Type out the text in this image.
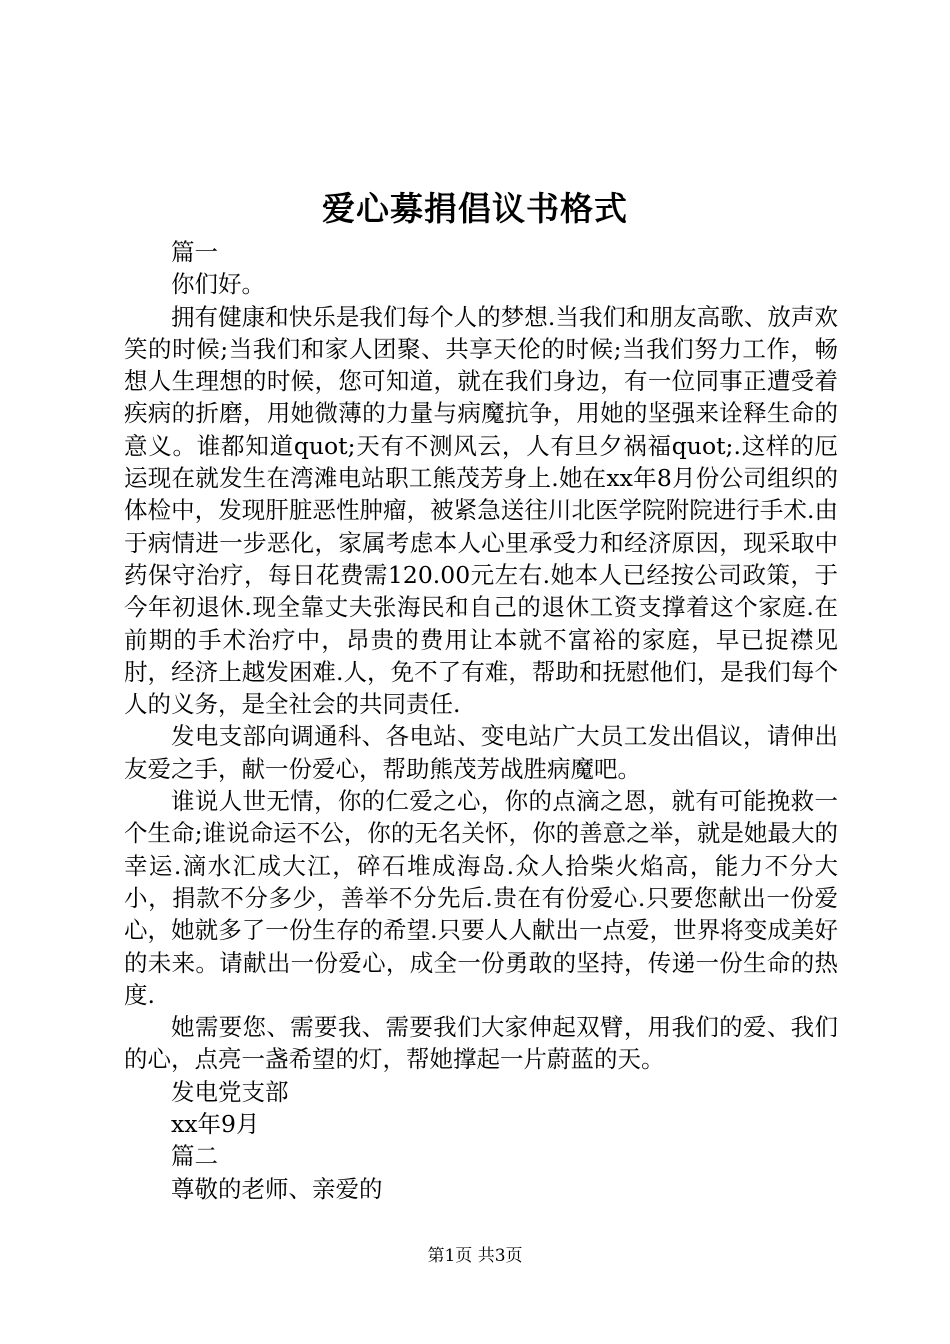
爱心募捐倡议书格式

篇一

你们好。

拥有健康和快乐是我们每个人的梦想.当我们和朋友高歌、放声欢笑的时候;当我们和家人团聚、共享天伦的时候;当我们努力工作，畅想人生理想的时候，您可知道，就在我们身边，有一位同事正遭受着疾病的折磨，用她微薄的力量与病魔抗争，用她的坚强来诠释生命的意义。谁都知道quot;天有不测风云，人有旦夕祸福quot;.这样的厄运现在就发生在湾滩电站职工熊茂芳身上.她在xx年8月份公司组织的体检中，发现肝脏恶性肿瘤，被紧急送往川北医学院附院进行手术.由于病情进一步恶化，家属考虑本人心里承受力和经济原因，现采取中药保守治疗，每日花费需120.00元左右.她本人已经按公司政策，于今年初退休.现全靠丈夫张海民和自己的退休工资支撑着这个家庭.在前期的手术治疗中，昂贵的费用让本就不富裕的家庭，早已捉襟见肘，经济上越发困难.人，免不了有难，帮助和抚慰他们，是我们每个人的义务，是全社会的共同责任.

发电支部向调通科、各电站、变电站广大员工发出倡议，请伸出友爱之手，献一份爱心，帮助熊茂芳战胜病魔吧。

谁说人世无情，你的仁爱之心，你的点滴之恩，就有可能挽救一个生命;谁说命运不公，你的无名关怀，你的善意之举，就是她最大的幸运.滴水汇成大江，碎石堆成海岛.众人拾柴火焰高，能力不分大小，捐款不分多少，善举不分先后.贵在有份爱心.只要您献出一份爱心，她就多了一份生存的希望.只要人人献出一点爱，世界将变成美好的未来。请献出一份爱心，成全一份勇敢的坚持，传递一份生命的热度.

她需要您、需要我、需要我们大家伸起双臂，用我们的爱、我们的心，点亮一盏希望的灯，帮她撑起一片蔚蓝的天。

发电党支部

xx年9月

篇二

尊敬的老师、亲爱的

第1页 共3页
